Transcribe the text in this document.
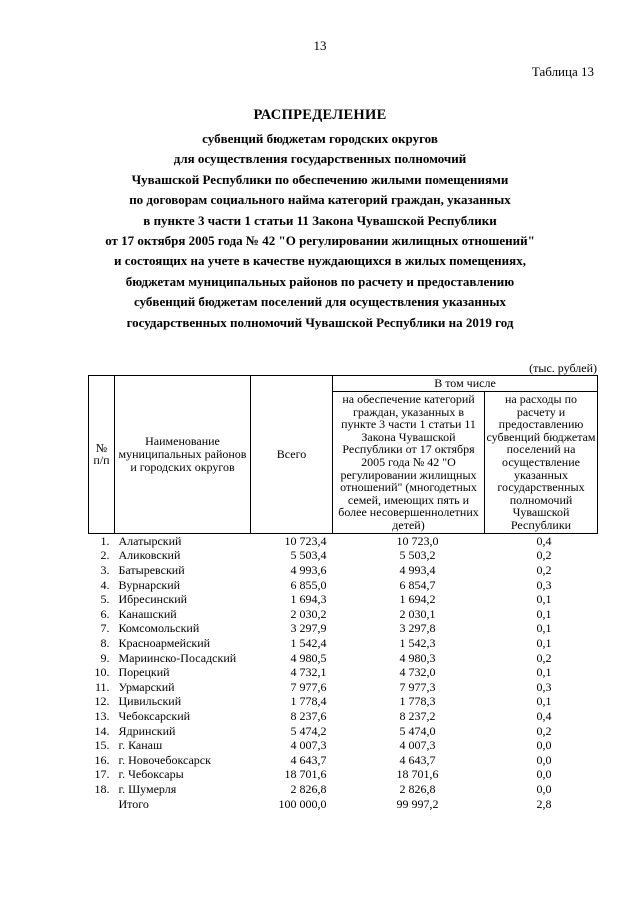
13
Таблица 13
РАСПРЕДЕЛЕНИЕ
субвенций бюджетам городских округов
для осуществления государственных полномочий
Чувашской Республики по обеспечению жилыми помещениями
по договорам социального найма категорий граждан, указанных
в пункте 3 части 1 статьи 11 Закона Чувашской Республики
от 17 октября 2005 года № 42 "О регулировании жилищных отношений"
и состоящих на учете в качестве нуждающихся в жилых помещениях,
бюджетам муниципальных районов по расчету и предоставлению
субвенций бюджетам поселений для осуществления указанных
государственных полномочий Чувашской Республики на 2019 год
(тыс. рублей)
№ п/п	Наименование муниципальных районов и городских округов	Всего	В том числе	
			на обеспечение категорий граждан, указанных в пункте 3 части 1 статьи 11 Закона Чувашской Республики от 17 октября 2005 года № 42 "О регулировании жилищных отношений" (многодетных семей, имеющих пять и более несовершеннолетних детей)	на расходы по расчету и предоставлению субвенций бюджетам поселений на осуществление указанных государственных полномочий Чувашской Республики
1.	Алатырский	10 723,4	10 723,0	0,4
2.	Аликовский	5 503,4	5 503,2	0,2
3.	Батыревский	4 993,6	4 993,4	0,2
4.	Вурнарский	6 855,0	6 854,7	0,3
5.	Ибресинский	1 694,3	1 694,2	0,1
6.	Канашский	2 030,2	2 030,1	0,1
7.	Комсомольский	3 297,9	3 297,8	0,1
8.	Красноармейский	1 542,4	1 542,3	0,1
9.	Мариинско-Посадский	4 980,5	4 980,3	0,2
10.	Порецкий	4 732,1	4 732,0	0,1
11.	Урмарский	7 977,6	7 977,3	0,3
12.	Цивильский	1 778,4	1 778,3	0,1
13.	Чебоксарский	8 237,6	8 237,2	0,4
14.	Ядринский	5 474,2	5 474,0	0,2
15.	г. Канаш	4 007,3	4 007,3	0,0
16.	г. Новочебоксарск	4 643,7	4 643,7	0,0
17.	г. Чебоксары	18 701,6	18 701,6	0,0
18.	г. Шумерля	2 826,8	2 826,8	0,0
	Итого	100 000,0	99 997,2	2,8
